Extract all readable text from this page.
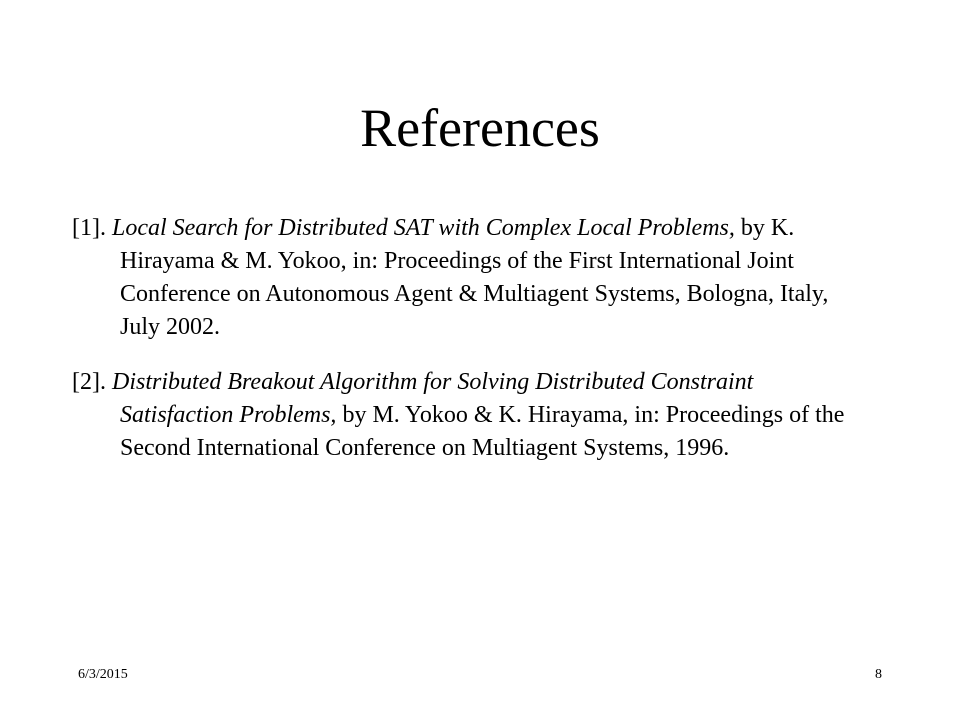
References

[1]. Local Search for Distributed SAT with Complex Local Problems, by K. Hirayama & M. Yokoo, in: Proceedings of the First International Joint Conference on Autonomous Agent & Multiagent Systems, Bologna, Italy, July 2002.

[2]. Distributed Breakout Algorithm for Solving Distributed Constraint Satisfaction Problems, by M. Yokoo & K. Hirayama, in: Proceedings of the Second International Conference on Multiagent Systems, 1996.

6/3/2015	8
